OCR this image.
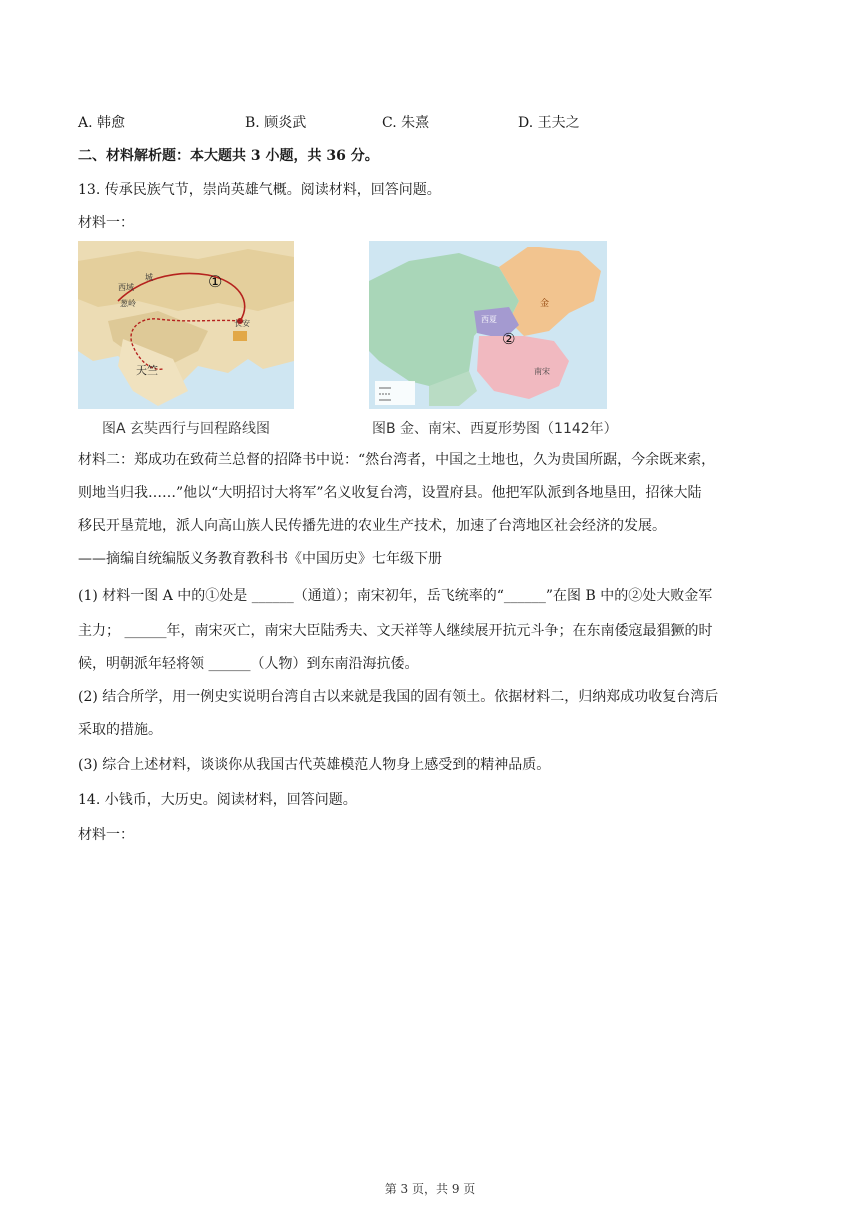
A. 韩愈	B. 顾炎武	C. 朱熹	D. 王夫之
二、材料解析题：本大题共 3 小题，共 36 分。
13. 传承民族气节，崇尚英雄气概。阅读材料，回答问题。
材料一：
①
西域
城
葱岭
长安
天竺
图A 玄奘西行与回程路线图
②
金
西夏
南宋
图B 金、南宋、西夏形势图（1142年）
材料二：郑成功在致荷兰总督的招降书中说：“然台湾者，中国之土地也，久为贵国所踞，今余既来索，
则地当归我……”他以“大明招讨大将军”名义收复台湾，设置府县。他把军队派到各地垦田，招徕大陆
移民开垦荒地，派人向高山族人民传播先进的农业生产技术，加速了台湾地区社会经济的发展。
——摘编自统编版义务教育教科书《中国历史》七年级下册
(1) 材料一图 A 中的①处是 ______（通道）；南宋初年，岳飞统率的“______”在图 B 中的②处大败金军
主力； ______年，南宋灭亡，南宋大臣陆秀夫、文天祥等人继续展开抗元斗争；在东南倭寇最猖獗的时
候，明朝派年轻将领 ______（人物）到东南沿海抗倭。
(2) 结合所学，用一例史实说明台湾自古以来就是我国的固有领土。依据材料二，归纳郑成功收复台湾后
采取的措施。
(3) 综合上述材料，谈谈你从我国古代英雄模范人物身上感受到的精神品质。
14. 小钱币，大历史。阅读材料，回答问题。
材料一：
第 3 页，共 9 页
